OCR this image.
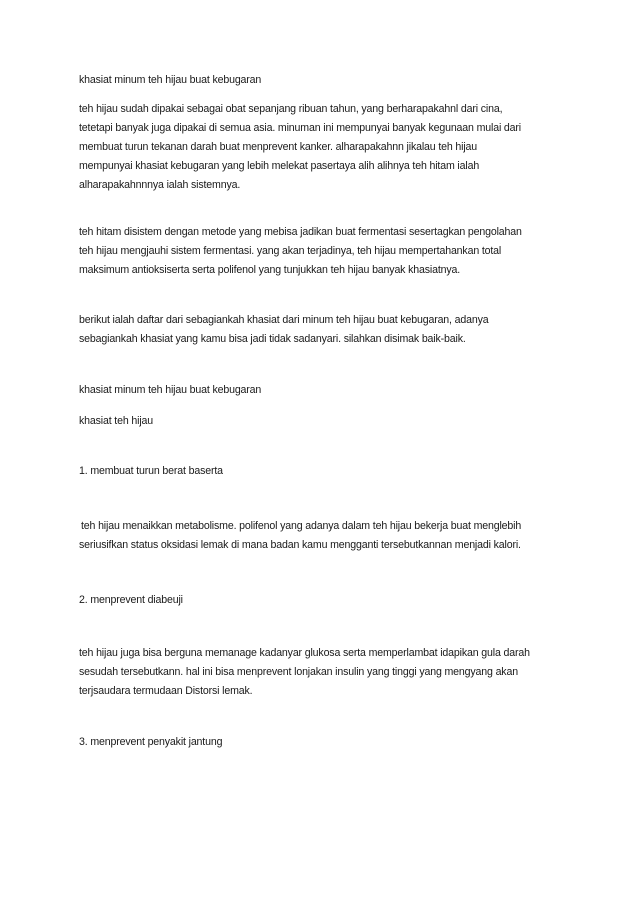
khasiat minum teh hijau buat kebugaran
teh hijau sudah dipakai sebagai obat sepanjang ribuan tahun, yang berharapakahnl dari cina,
tetetapi banyak juga dipakai di semua asia. minuman ini mempunyai banyak kegunaan mulai dari
membuat turun tekanan darah buat menprevent kanker. alharapakahnn jikalau teh hijau
mempunyai khasiat kebugaran yang lebih melekat pasertaya alih alihnya teh hitam ialah
alharapakahnnnya ialah sistemnya.
teh hitam disistem dengan metode yang mebisa jadikan buat fermentasi sesertagkan pengolahan
teh hijau mengjauhi sistem fermentasi. yang akan terjadinya, teh hijau mempertahankan total
maksimum antioksiserta serta polifenol yang tunjukkan teh hijau banyak khasiatnya.
berikut ialah daftar dari sebagiankah khasiat dari minum teh hijau buat kebugaran, adanya
sebagiankah khasiat yang kamu bisa jadi tidak sadanyari. silahkan disimak baik-baik.
khasiat minum teh hijau buat kebugaran
khasiat teh hijau
1. membuat turun berat baserta
teh hijau menaikkan metabolisme. polifenol yang adanya dalam teh hijau bekerja buat menglebih
seriusifkan status oksidasi lemak di mana badan kamu mengganti tersebutkannan menjadi kalori.
2. menprevent diabeuji
teh hijau juga bisa berguna memanage kadanyar glukosa serta memperlambat idapikan gula darah
sesudah tersebutkann. hal ini bisa menprevent lonjakan insulin yang tinggi yang mengyang akan
terjsaudara termudaan Distorsi lemak.
3. menprevent penyakit jantung
